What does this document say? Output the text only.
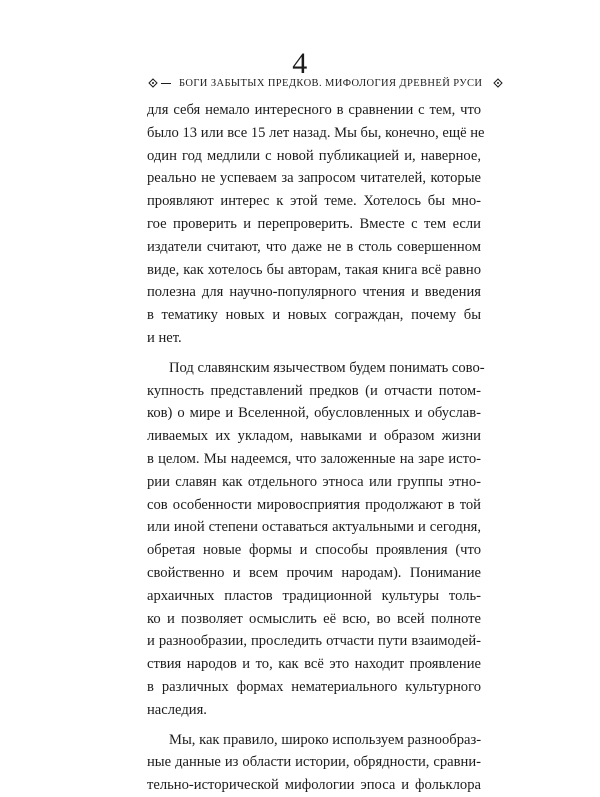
4
БОГИ ЗАБЫТЫХ ПРЕДКОВ. МИФОЛОГИЯ ДРЕВНЕЙ РУСИ
для себя немало интересного в сравнении с тем, что
было 13 или все 15 лет назад. Мы бы, конечно, ещё не
один год медлили с новой публикацией и, наверное,
реально не успеваем за запросом читателей, которые
проявляют интерес к этой теме. Хотелось бы мно-
гое проверить и перепроверить. Вместе с тем если
издатели считают, что даже не в столь совершенном
виде, как хотелось бы авторам, такая книга всё равно
полезна для научно-популярного чтения и введения
в тематику новых и новых сограждан, почему бы
и нет.
Под славянским язычеством будем понимать сово-
купность представлений предков (и отчасти потом-
ков) о мире и Вселенной, обусловленных и обуслав-
ливаемых их укладом, навыками и образом жизни
в целом. Мы надеемся, что заложенные на заре исто-
рии славян как отдельного этноса или группы этно-
сов особенности мировосприятия продолжают в той
или иной степени оставаться актуальными и сегодня,
обретая новые формы и способы проявления (что
свойственно и всем прочим народам). Понимание
архаичных пластов традиционной культуры толь-
ко и позволяет осмыслить её всю, во всей полноте
и разнообразии, проследить отчасти пути взаимодей-
ствия народов и то, как всё это находит проявление
в различных формах нематериального культурного
наследия.
Мы, как правило, широко используем разнообраз-
ные данные из области истории, обрядности, сравни-
тельно-исторической мифологии эпоса и фольклора
